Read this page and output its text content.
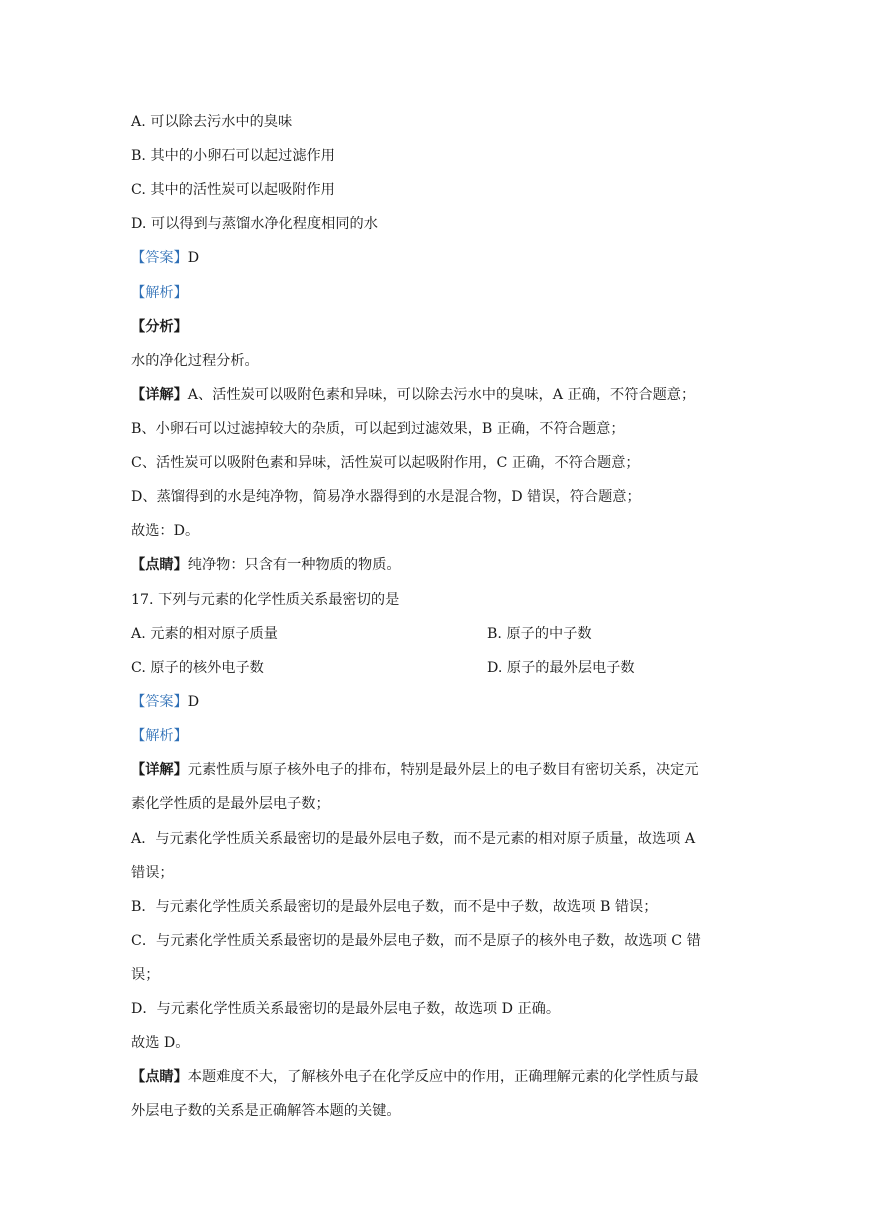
A. 可以除去污水中的臭味
B. 其中的小卵石可以起过滤作用
C. 其中的活性炭可以起吸附作用
D. 可以得到与蒸馏水净化程度相同的水
【答案】D
【解析】
【分析】
水的净化过程分析。
【详解】A、活性炭可以吸附色素和异味，可以除去污水中的臭味，A 正确，不符合题意；
B、小卵石可以过滤掉较大的杂质，可以起到过滤效果，B 正确，不符合题意；
C、活性炭可以吸附色素和异味，活性炭可以起吸附作用，C 正确，不符合题意；
D、蒸馏得到的水是纯净物，简易净水器得到的水是混合物，D 错误，符合题意；
故选：D。
【点睛】纯净物：只含有一种物质的物质。
17. 下列与元素的化学性质关系最密切的是
A. 元素的相对原子质量	B. 原子的中子数
C. 原子的核外电子数	D. 原子的最外层电子数
【答案】D
【解析】
【详解】元素性质与原子核外电子的排布，特别是最外层上的电子数目有密切关系，决定元
素化学性质的是最外层电子数；
A．与元素化学性质关系最密切的是最外层电子数，而不是元素的相对原子质量，故选项 A
错误；
B．与元素化学性质关系最密切的是最外层电子数，而不是中子数，故选项 B 错误；
C．与元素化学性质关系最密切的是最外层电子数，而不是原子的核外电子数，故选项 C 错
误；
D．与元素化学性质关系最密切的是最外层电子数，故选项 D 正确。
故选 D。
【点睛】本题难度不大，了解核外电子在化学反应中的作用，正确理解元素的化学性质与最
外层电子数的关系是正确解答本题的关键。
